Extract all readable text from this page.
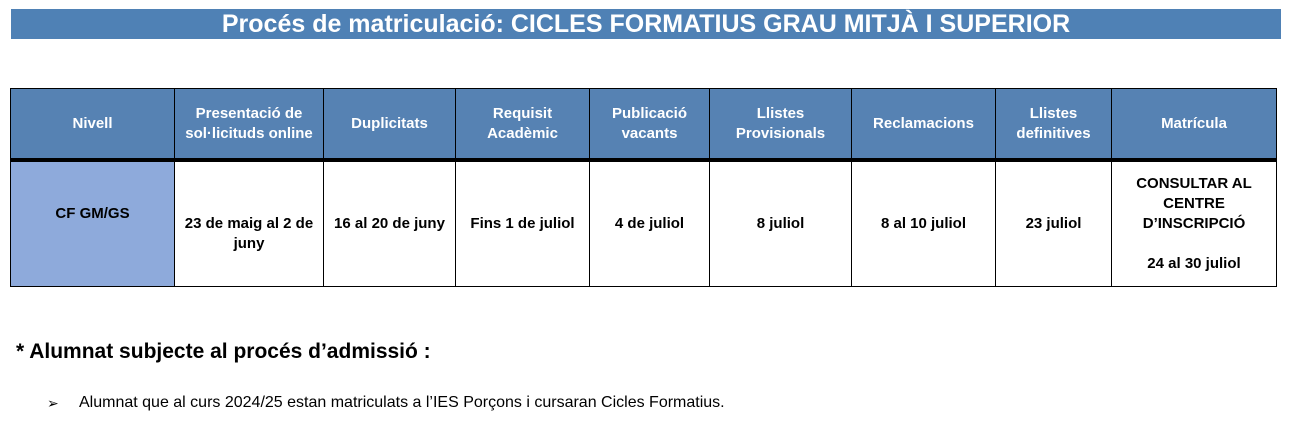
Procés de matriculació: CICLES FORMATIUS GRAU MITJÀ I SUPERIOR
Nivell	Presentació de sol·licituds online	Duplicitats	Requisit Acadèmic	Publicació vacants	Llistes Provisionals	Reclamacions	Llistes definitives	Matrícula

CF GM/GS	23 de maig al 2 de juny	16 al 20 de juny	Fins 1 de juliol	4 de juliol	8 juliol	8 al 10 juliol	23 juliol	CONSULTAR AL CENTRE D’INSCRIPCIÓ
24 al 30 juliol
* Alumnat subjecte al procés d’admissió :
➢	Alumnat que al curs 2024/25 estan matriculats a l’IES Porçons i cursaran Cicles Formatius.
